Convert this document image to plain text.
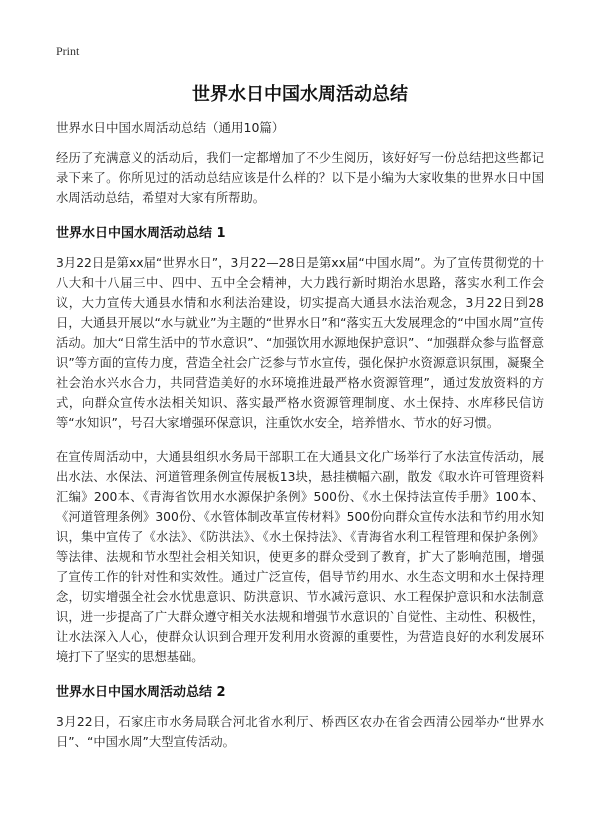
Print
世界水日中国水周活动总结
世界水日中国水周活动总结（通用10篇）

经历了充满意义的活动后，我们一定都增加了不少生阅历，该好好写一份总结把这些都记录下来了。你所见过的活动总结应该是什么样的？以下是小编为大家收集的世界水日中国水周活动总结，希望对大家有所帮助。

世界水日中国水周活动总结 1

3月22日是第xx届“世界水日”，3月22—28日是第xx届“中国水周”。为了宣传贯彻党的十八大和十八届三中、四中、五中全会精神，大力践行新时期治水思路，落实水利工作会议，大力宣传大通县水情和水利法治建设，切实提高大通县水法治观念，3月22日到28日，大通县开展以“水与就业”为主题的“世界水日”和“落实五大发展理念的“中国水周”宣传活动。加大“日常生活中的节水意识”、“加强饮用水源地保护意识”、“加强群众参与监督意识”等方面的宣传力度，营造全社会广泛参与节水宣传，强化保护水资源意识氛围，凝聚全社会治水兴水合力，共同营造美好的水环境推进最严格水资源管理”，通过发放资料的方式，向群众宣传水法相关知识、落实最严格水资源管理制度、水土保持、水库移民信访等“水知识”，号召大家增强环保意识，注重饮水安全，培养惜水、节水的好习惯。

在宣传周活动中，大通县组织水务局干部职工在大通县文化广场举行了水法宣传活动，展出水法、水保法、河道管理条例宣传展板13块，悬挂横幅六副，散发《取水许可管理资料汇编》200本、《青海省饮用水水源保护条例》500份、《水土保持法宣传手册》100本、《河道管理条例》300份、《水管体制改革宣传材料》500份向群众宣传水法和节约用水知识，集中宣传了《水法》、《防洪法》、《水土保持法》、《青海省水利工程管理和保护条例》等法律、法规和节水型社会相关知识，使更多的群众受到了教育，扩大了影响范围，增强了宣传工作的针对性和实效性。通过广泛宣传，倡导节约用水、水生态文明和水土保持理念，切实增强全社会水忧患意识、防洪意识、节水减污意识、水工程保护意识和水法制意识，进一步提高了广大群众遵守相关水法规和增强节水意识的`自觉性、主动性、积极性，让水法深入人心，使群众认识到合理开发利用水资源的重要性，为营造良好的水利发展环境打下了坚实的思想基础。

世界水日中国水周活动总结 2

3月22日，石家庄市水务局联合河北省水利厅、桥西区农办在省会西清公园举办“世界水日”、“中国水周”大型宣传活动。
